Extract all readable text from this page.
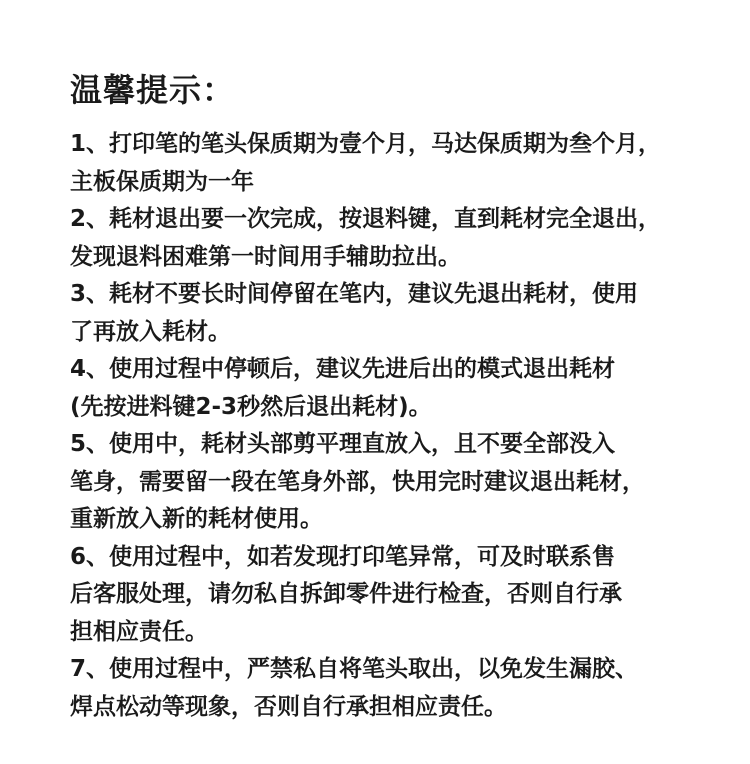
温馨提示：

1、打印笔的笔头保质期为壹个月，马达保质期为叁个月，
主板保质期为一年

2、耗材退出要一次完成，按退料键，直到耗材完全退出，
发现退料困难第一时间用手辅助拉出。

3、耗材不要长时间停留在笔内，建议先退出耗材，使用
了再放入耗材。

4、使用过程中停顿后，建议先进后出的模式退出耗材
(先按进料键2-3秒然后退出耗材)。

5、使用中，耗材头部剪平理直放入，且不要全部没入
笔身，需要留一段在笔身外部，快用完时建议退出耗材，
重新放入新的耗材使用。

6、使用过程中，如若发现打印笔异常，可及时联系售
后客服处理，请勿私自拆卸零件进行检查，否则自行承
担相应责任。

7、使用过程中，严禁私自将笔头取出，以免发生漏胶、
焊点松动等现象，否则自行承担相应责任。
